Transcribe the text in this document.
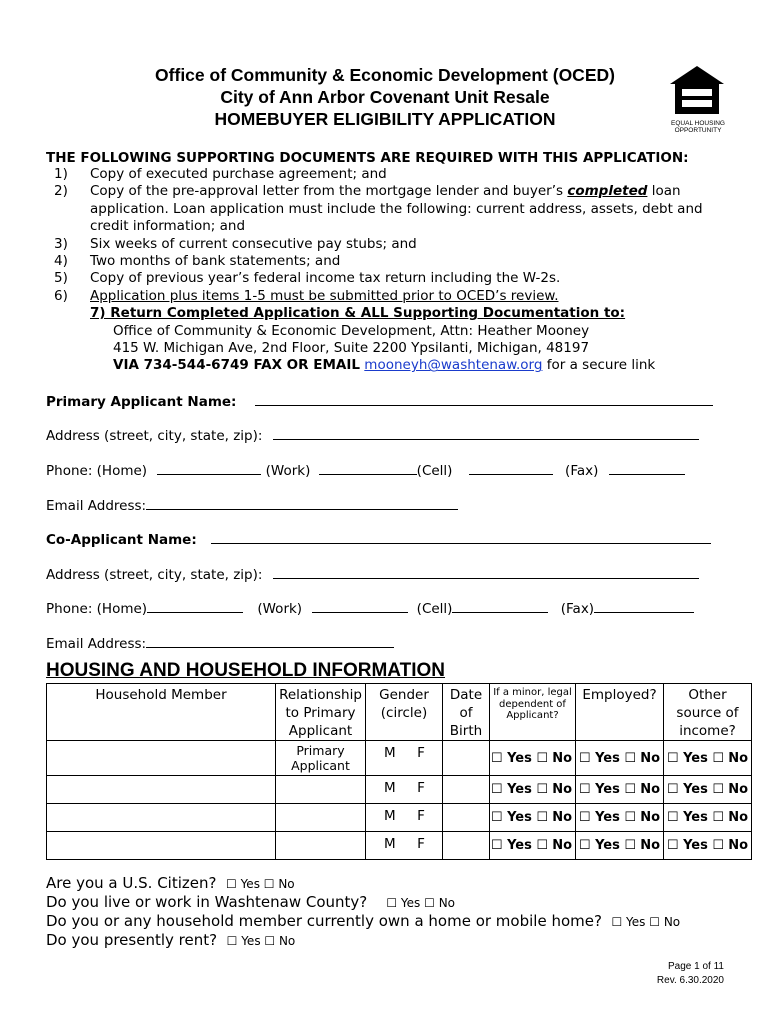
Office of Community & Economic Development (OCED)
City of Ann Arbor Covenant Unit Resale
HOMEBUYER ELIGIBILITY APPLICATION	EQUAL HOUSING
OPPORTUNITY
THE FOLLOWING SUPPORTING DOCUMENTS ARE REQUIRED WITH THIS APPLICATION:
1) Copy of executed purchase agreement; and
2) Copy of the pre-approval letter from the mortgage lender and buyer’s completed loan application. Loan application must include the following: current address, assets, debt and credit information; and
3) Six weeks of current consecutive pay stubs; and
4) Two months of bank statements; and
5) Copy of previous year’s federal income tax return including the W-2s.
6) Application plus items 1-5 must be submitted prior to OCED’s review.
7) Return Completed Application & ALL Supporting Documentation to:
Office of Community & Economic Development, Attn: Heather Mooney
415 W. Michigan Ave, 2nd Floor, Suite 2200 Ypsilanti, Michigan, 48197
VIA 734-544-6749 FAX OR EMAIL mooneyh@washtenaw.org for a secure link
Primary Applicant Name:
Address (street, city, state, zip):
Phone: (Home)	(Work)	(Cell)	(Fax)
Email Address:
Co-Applicant Name:
Address (street, city, state, zip):
Phone: (Home)	(Work)	(Cell)	(Fax)
Email Address:
HOUSING AND HOUSEHOLD INFORMATION
Household Member	Relationship to Primary Applicant	Gender (circle)	Date of Birth	If a minor, legal dependent of Applicant?	Employed?	Other source of income?
	Primary Applicant	M F		☐ Yes ☐ No	☐ Yes ☐ No	☐ Yes ☐ No
		M F		☐ Yes ☐ No	☐ Yes ☐ No	☐ Yes ☐ No
		M F		☐ Yes ☐ No	☐ Yes ☐ No	☐ Yes ☐ No
		M F		☐ Yes ☐ No	☐ Yes ☐ No	☐ Yes ☐ No
Are you a U.S. Citizen? ☐ Yes ☐ No
Do you live or work in Washtenaw County? ☐ Yes ☐ No
Do you or any household member currently own a home or mobile home? ☐ Yes ☐ No
Do you presently rent? ☐ Yes ☐ No
Page 1 of 11
Rev. 6.30.2020
